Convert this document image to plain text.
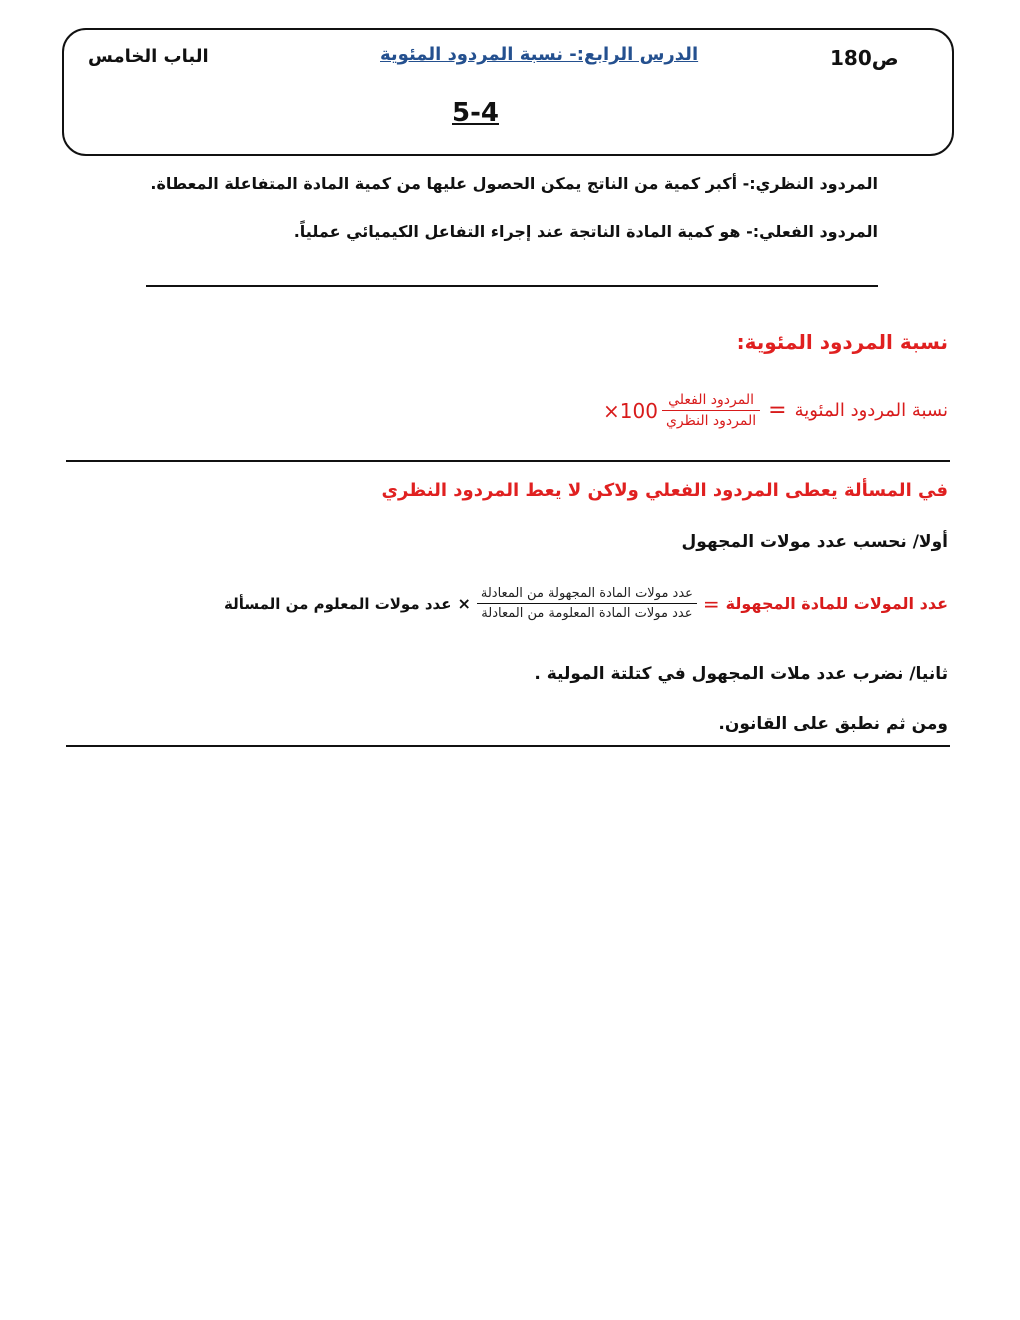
ص180
الدرس الرابع:- نسبة المردود المئوية
الباب الخامس
5-4
المردود النظري:- أكبر كمية من الناتج يمكن الحصول عليها من كمية المادة المتفاعلة المعطاة.
المردود الفعلي:- هو كمية المادة الناتجة عند إجراء التفاعل الكيميائي عملياً.
نسبة المردود المئوية:
نسبة المردود المئوية
=
$\frac{\text{المردود الفعلي}}{\text{المردود النظري}}$
×100
في المسألة يعطى المردود الفعلي ولاكن لا يعط المردود النظري
أولا/ نحسب عدد مولات المجهول
عدد المولات للمادة المجهولة
=
$\frac{\text{عدد مولات المادة المجهولة من المعادلة}}{\text{عدد مولات المادة المعلومة من المعادلة}}$
×
عدد مولات المعلوم من المسألة
ثانيا/ نضرب عدد ملات المجهول في كتلتة المولية .
ومن ثم نطبق على القانون.
